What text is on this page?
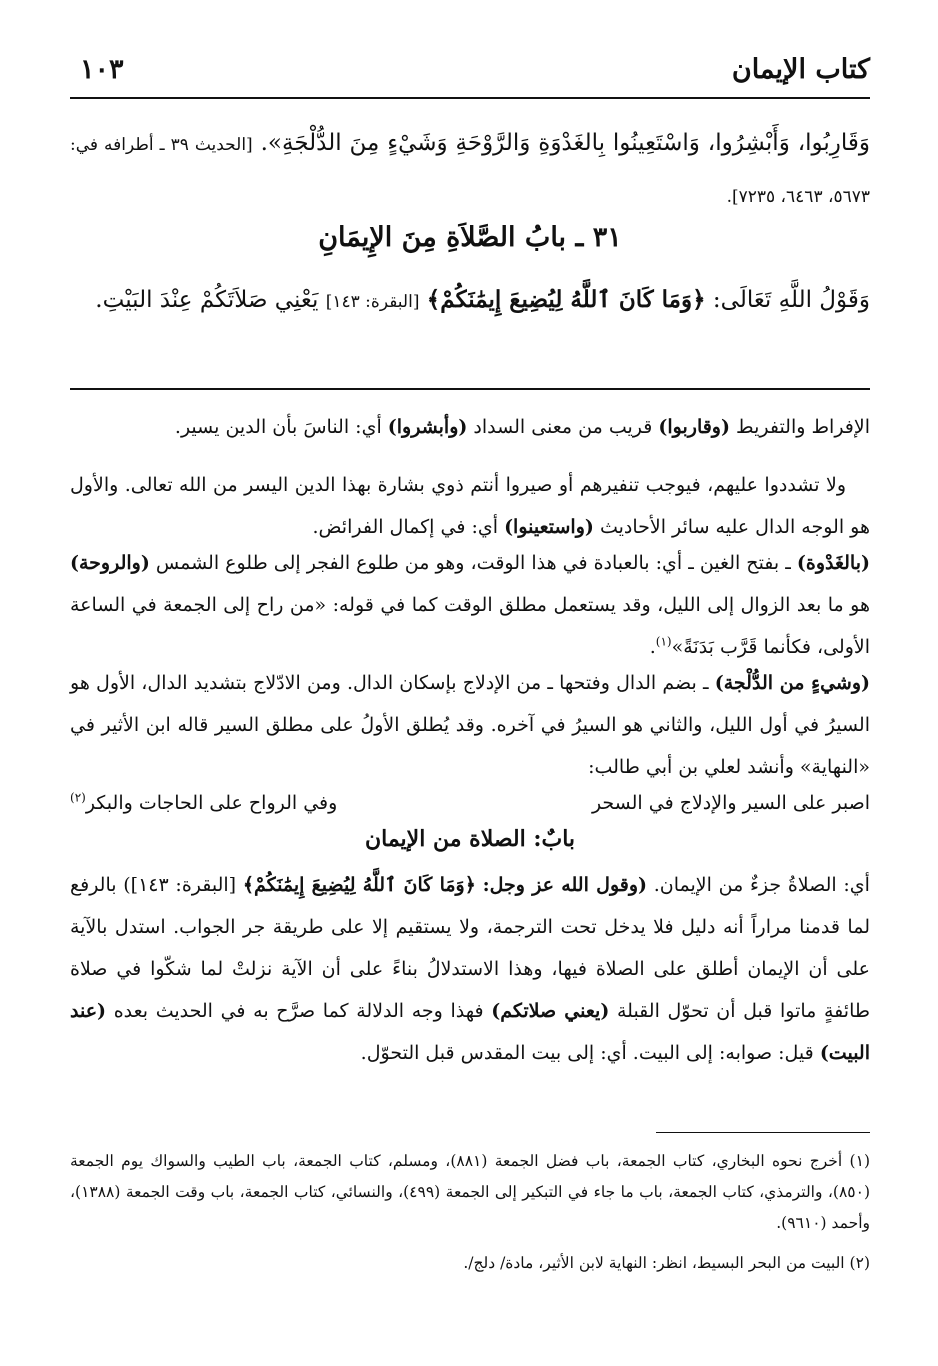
كتاب الإيمان
١٠٣
وَقَارِبُوا، وَأَبْشِرُوا، وَاسْتَعِينُوا بِالغَدْوَةِ وَالرَّوْحَةِ وَشَيْءٍ مِنَ الدُّلْجَةِ». [الحديث ٣٩ ـ أطرافه في: ٥٦٧٣، ٦٤٦٣، ٧٢٣٥].
٣١ ـ بابُ الصَّلاَةِ مِنَ الإِيمَانِ
وَقَوْلُ اللَّهِ تَعَالَى: ﴿وَمَا كَانَ ٱللَّهُ لِيُضِيعَ إِيمَٰنَكُمْ﴾ [البقرة: ١٤٣] يَعْنِي صَلاَتَكُمْ عِنْدَ البَيْتِ.
الإفراط والتفريط (وقاربوا) قريب من معنى السداد (وأبشروا) أي: الناسَ بأن الدين يسير.
ولا تشددوا عليهم، فيوجب تنفيرهم أو صيروا أنتم ذوي بشارة بهذا الدين اليسر من الله تعالى. والأول هو الوجه الدال عليه سائر الأحاديث (واستعينوا) أي: في إكمال الفرائض.
(بالغَدْوة) ـ بفتح الغين ـ أي: بالعبادة في هذا الوقت، وهو من طلوع الفجر إلى طلوع الشمس (والروحة) هو ما بعد الزوال إلى الليل، وقد يستعمل مطلق الوقت كما في قوله: «من راح إلى الجمعة في الساعة الأولى، فكأنما قَرَّب بَدَنَةً»$^{(١)}$.
(وشيءٍ من الدُّلْجة) ـ بضم الدال وفتحها ـ من الإدلاج بإسكان الدال. ومن الادّلاج بتشديد الدال، الأول هو السيرُ في أول الليل، والثاني هو السيرُ في آخره. وقد يُطلق الأولُ على مطلق السير قاله ابن الأثير في «النهاية» وأنشد لعلي بن أبي طالب:
اصبر على السير والإدلاج في السحر
وفي الرواح على الحاجات والبكر$^{(٢)}$
بابٌ: الصلاة من الإيمان
أي: الصلاةُ جزءٌ من الإيمان. (وقول الله عز وجل: ﴿وَمَا كَانَ ٱللَّهُ لِيُضِيعَ إِيمَٰنَكُمْ﴾ [البقرة: ١٤٣]) بالرفع لما قدمنا مراراً أنه دليل فلا يدخل تحت الترجمة، ولا يستقيم إلا على طريقة جر الجواب. استدل بالآية على أن الإيمان أطلق على الصلاة فيها، وهذا الاستدلالُ بناءً على أن الآية نزلتْ لما شكّوا في صلاة طائفةٍ ماتوا قبل أن تحوّل القبلة (يعني صلاتكم) فهذا وجه الدلالة كما صرَّح به في الحديث بعده (عند البيت) قيل: صوابه: إلى البيت. أي: إلى بيت المقدس قبل التحوّل.
(١) أخرج نحوه البخاري، كتاب الجمعة، باب فضل الجمعة (٨٨١)، ومسلم، كتاب الجمعة، باب الطيب والسواك يوم الجمعة (٨٥٠)، والترمذي، كتاب الجمعة، باب ما جاء في التبكير إلى الجمعة (٤٩٩)، والنسائي، كتاب الجمعة، باب وقت الجمعة (١٣٨٨)، وأحمد (٩٦١٠).
(٢) البيت من البحر البسيط، انظر: النهاية لابن الأثير، مادة/ دلج/.
